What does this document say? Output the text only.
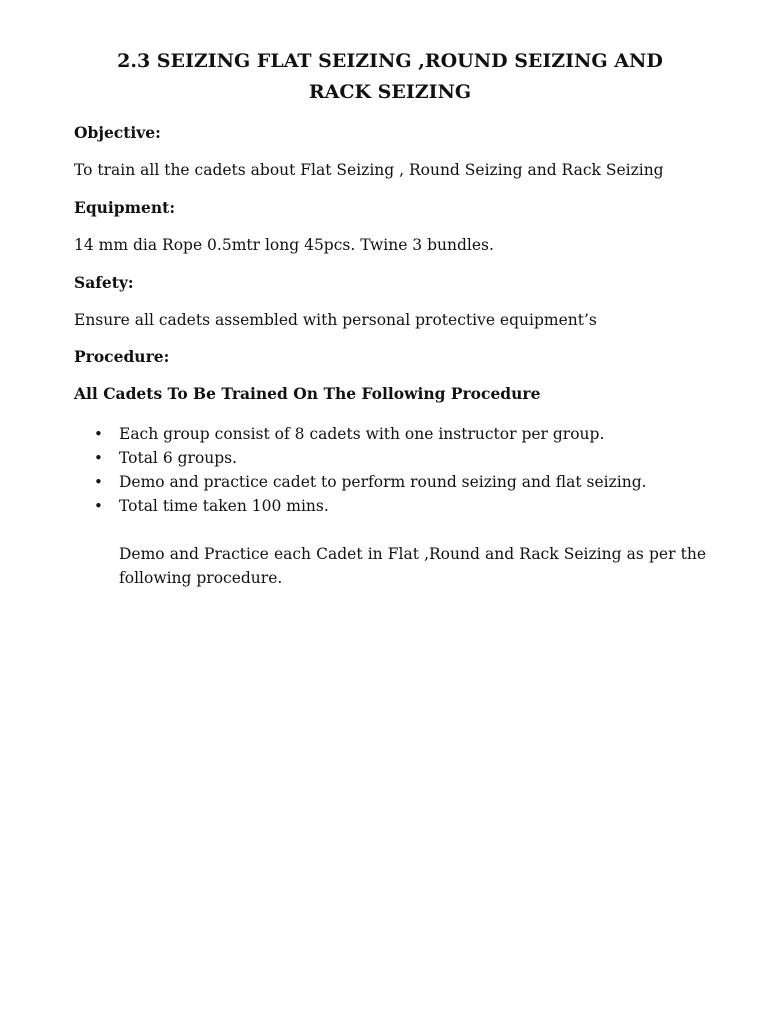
2.3 SEIZING FLAT SEIZING ,ROUND SEIZING AND
RACK SEIZING

Objective:

To train all the cadets about Flat Seizing , Round Seizing and Rack Seizing

Equipment:

14 mm dia Rope 0.5mtr long 45pcs. Twine 3 bundles.

Safety:

Ensure all cadets assembled with personal protective equipment’s

Procedure:

All Cadets To Be Trained On The Following Procedure

• Each group consist of 8 cadets with one instructor per group.
• Total 6 groups.
• Demo and practice cadet to perform round seizing and flat seizing.
• Total time taken 100 mins.

Demo and Practice each Cadet in Flat ,Round and Rack Seizing as per the following procedure.
